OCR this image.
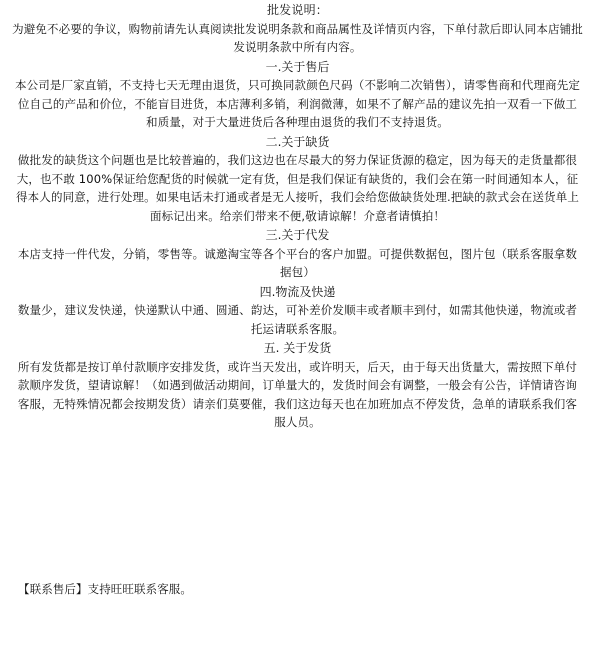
批发说明：
为避免不必要的争议，购物前请先认真阅读批发说明条款和商品属性及详情页内容，下单付款后即认同本店铺批发说明条款中所有内容。
一.关于售后
本公司是厂家直销，不支持七天无理由退货，只可换同款颜色尺码（不影响二次销售），请零售商和代理商先定位自己的产品和价位，不能盲目进货，本店薄利多销，利润微薄，如果不了解产品的建议先拍一双看一下做工和质量，对于大量进货后各种理由退货的我们不支持退货。
二.关于缺货
做批发的缺货这个问题也是比较普遍的，我们这边也在尽最大的努力保证货源的稳定，因为每天的走货量都很大，也不敢 100%保证给您配货的时候就一定有货，但是我们保证有缺货的，我们会在第一时间通知本人，征得本人的同意，进行处理。如果电话未打通或者是无人接听，我们会给您做缺货处理.把缺的款式会在送货单上面标记出来。给亲们带来不便,敬请谅解！介意者请慎拍！
三.关于代发
本店支持一件代发，分销，零售等。诚邀淘宝等各个平台的客户加盟。可提供数据包，图片包（联系客服拿数据包）
四.物流及快递
数量少，建议发快递，快递默认中通、圆通、韵达，可补差价发顺丰或者顺丰到付，如需其他快递，物流或者托运请联系客服。
五. 关于发货
所有发货都是按订单付款顺序安排发货，或许当天发出，或许明天，后天，由于每天出货量大，需按照下单付款顺序发货，望请谅解！（如遇到做活动期间，订单量大的，发货时间会有调整，一般会有公告，详情请咨询客服，无特殊情况都会按期发货）请亲们莫要催，我们这边每天也在加班加点不停发货，急单的请联系我们客服人员。
【联系售后】支持旺旺联系客服。
